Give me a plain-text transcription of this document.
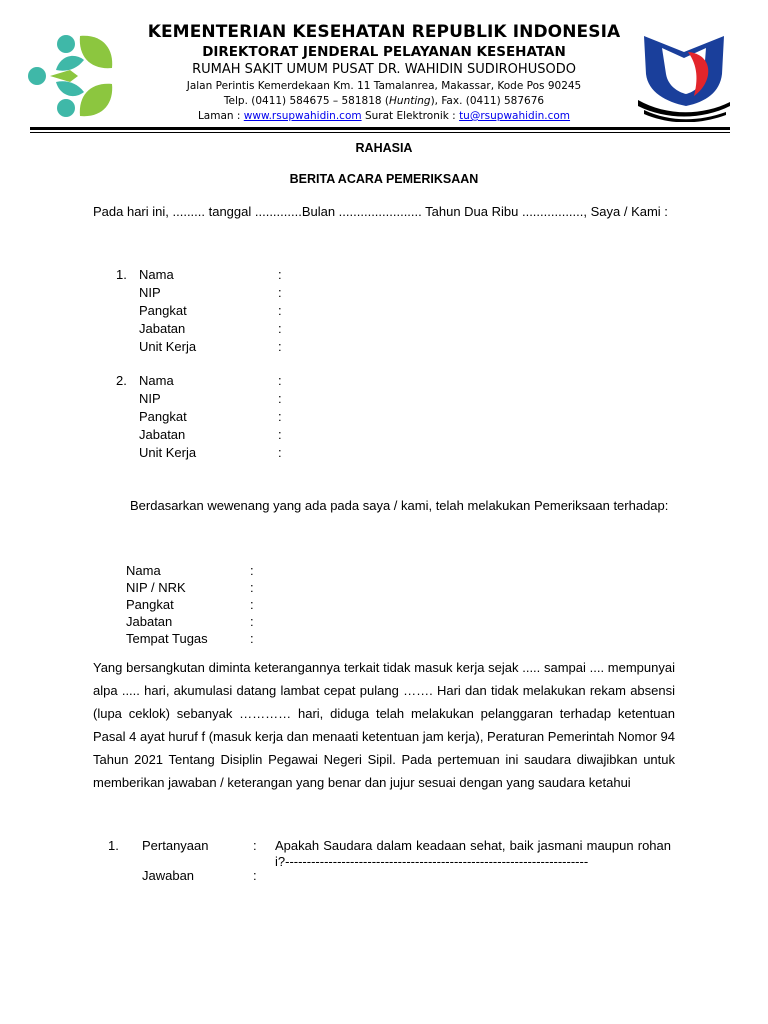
KEMENTERIAN KESEHATAN REPUBLIK INDONESIA
DIREKTORAT JENDERAL PELAYANAN KESEHATAN
RUMAH SAKIT UMUM PUSAT DR. WAHIDIN SUDIROHUSODO
Jalan Perintis Kemerdekaan Km. 11 Tamalanrea, Makassar, Kode Pos 90245
Telp. (0411) 584675 – 581818 (Hunting), Fax. (0411) 587676
Laman : www.rsupwahidin.com Surat Elektronik : tu@rsupwahidin.com
RAHASIA
BERITA ACARA PEMERIKSAAN
Pada hari ini, ......... tanggal .............Bulan ....................... Tahun Dua Ribu ................., Saya / Kami :
1. Nama	:
NIP	:
Pangkat	:
Jabatan	:
Unit Kerja	:
2. Nama	:
NIP	:
Pangkat	:
Jabatan	:
Unit Kerja	:
Berdasarkan wewenang yang ada pada saya / kami, telah melakukan Pemeriksaan terhadap:
Nama	:
NIP / NRK	:
Pangkat	:
Jabatan	:
Tempat Tugas	:
Yang bersangkutan diminta keterangannya terkait tidak masuk kerja sejak ..... sampai .... mempunyai alpa ..... hari, akumulasi datang lambat cepat pulang ……. Hari dan tidak melakukan rekam absensi (lupa ceklok) sebanyak ………… hari, diduga telah melakukan pelanggaran terhadap ketentuan Pasal 4 ayat huruf f (masuk kerja dan menaati ketentuan jam kerja), Peraturan Pemerintah Nomor 94 Tahun 2021 Tentang Disiplin Pegawai Negeri Sipil. Pada pertemuan ini saudara diwajibkan untuk memberikan jawaban / keterangan yang benar dan jujur sesuai dengan yang saudara ketahui
1. Pertanyaan	: Apakah Saudara dalam keadaan sehat, baik jasmani maupun rohani?----------------------------------------------------------------------
Jawaban	:
